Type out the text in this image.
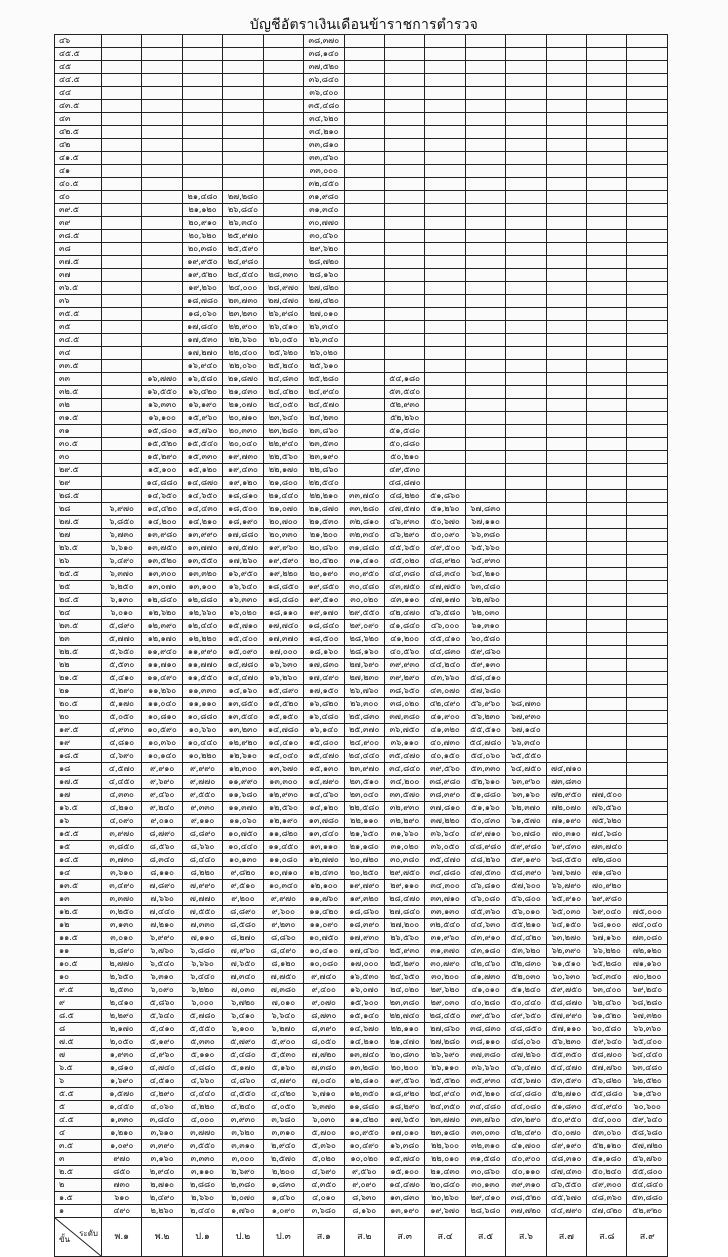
บัญชีอัตราเงินเดือนข้าราชการตำรวจ
๔๖						๓๘,๓๗๐								
๔๕.๕						๓๘,๑๔๐								
๔๕						๓๗,๕๒๐								
๔๔.๕						๓๖,๘๔๐								
๔๔						๓๖,๔๐๐								
๔๓.๕						๓๕,๔๘๐								
๔๓						๓๔,๖๒๐								
๔๒.๕						๓๔,๒๑๐								
๔๒						๓๓,๘๑๐								
๔๑.๕						๓๓,๔๖๐								
๔๑						๓๓,๐๐๐								
๔๐.๕						๓๒,๔๕๐								
๔๐			๒๑,๔๘๐	๒๗,๒๘๐		๓๑,๙๘๐								
๓๙.๕			๒๑,๑๒๐	๒๖,๘๔๐		๓๑,๓๔๐								
๓๙			๒๐,๙๑๐	๒๖,๓๔๐		๓๐,๗๗๐								
๓๘.๕			๒๐,๖๒๐	๒๕,๙๗๐		๓๐,๔๖๐								
๓๘			๒๐,๓๘๐	๒๕,๕๙๐		๒๙,๖๒๐								
๓๗.๕			๑๙,๙๕๐	๒๔,๙๘๐		๒๘,๗๒๐								
๓๗			๑๙,๕๒๐	๒๔,๕๔๐	๒๘,๓๓๐	๒๘,๑๖๐								
๓๖.๕			๑๙,๒๖๐	๒๔,๐๐๐	๒๘,๙๗๐	๒๗,๘๒๐								
๓๖			๑๘,๗๘๐	๒๓,๗๓๐	๒๗,๔๗๐	๒๗,๔๒๐								
๓๕.๕			๑๘,๐๖๐	๒๓,๒๓๐	๒๖,๙๘๐	๒๗,๐๑๐								
๓๕			๑๗,๘๔๐	๒๒,๙๐๐	๒๖,๔๑๐	๒๖,๓๔๐								
๓๔.๕			๑๗,๕๓๐	๒๒,๖๖๐	๒๖,๐๕๐	๒๖,๓๔๐								
๓๔			๑๗,๒๗๐	๒๒,๔๐๐	๒๕,๖๒๐	๒๖,๐๒๐								
๓๓.๕			๑๖,๙๔๐	๒๒,๐๖๐	๒๕,๒๔๐	๒๕,๖๑๐								
๓๓		๑๖,๗๗๐	๑๖,๕๘๐	๒๑,๘๗๐	๒๔,๘๓๐	๒๕,๒๘๐		๕๔,๑๘๐						
๓๒.๕		๑๖,๕๕๐	๑๖,๔๒๐	๒๑,๔๓๐	๒๔,๔๒๐	๒๔,๙๔๐		๕๓,๕๔๐						
๓๒		๑๖,๓๓๐	๑๖,๑๙๐	๒๑,๐๗๐	๒๔,๐๕๐	๒๔,๕๗๐		๕๒,๙๓๐						
๓๑.๕		๑๖,๑๐๐	๑๕,๙๖๐	๒๐,๗๑๐	๒๓,๖๔๐	๒๔,๒๓๐		๕๒,๒๖๐						
๓๑		๑๕,๘๐๐	๑๕,๗๖๐	๒๐,๓๓๐	๒๓,๒๘๐	๒๓,๘๖๐		๕๑,๕๘๐						
๓๐.๕		๑๕,๕๒๐	๑๕,๕๔๐	๒๐,๐๔๐	๒๒,๙๔๐	๒๓,๕๓๐		๕๐,๘๘๐						
๓๐		๑๕,๒๙๐	๑๕,๓๓๐	๑๙,๗๓๐	๒๒,๕๖๐	๒๓,๑๙๐		๕๐,๒๑๐						
๒๙.๕		๑๕,๑๐๐	๑๕,๑๒๐	๑๙,๔๓๐	๒๒,๑๗๐	๒๒,๘๖๐		๔๙,๕๓๐						
๒๙		๑๔,๘๘๐	๑๔,๘๗๐	๑๙,๑๒๐	๒๑,๘๐๐	๒๒,๕๔๐		๔๘,๘๗๐						
๒๘.๕		๑๔,๖๕๐	๑๔,๖๕๐	๑๘,๘๑๐	๒๑,๔๔๐	๒๒,๒๑๐	๓๓,๗๔๐	๔๘,๒๒๐	๕๑,๘๖๐					
๒๘	๖,๙๗๐	๑๔,๔๒๐	๑๔,๔๓๐	๑๘,๕๐๐	๒๑,๐๗๐	๒๑,๘๗๐	๓๓,๒๘๐	๔๗,๕๗๐	๕๑,๒๖๐	๖๗,๘๓๐				
๒๗.๕	๖,๘๕๐	๑๔,๒๐๐	๑๔,๒๑๐	๑๘,๑๙๐	๒๐,๗๐๐	๒๑,๕๓๐	๓๒,๘๑๐	๔๖,๙๓๐	๕๐,๖๗๐	๖๗,๑๑๐				
๒๗	๖,๗๓๐	๑๓,๙๘๐	๑๓,๙๙๐	๑๗,๘๘๐	๒๐,๓๓๐	๒๑,๒๐๐	๓๒,๓๔๐	๔๖,๒๙๐	๕๐,๐๙๐	๖๖,๓๘๐				
๒๖.๕	๖,๖๑๐	๑๓,๗๕๐	๑๓,๗๗๐	๑๗,๕๗๐	๑๙,๙๖๐	๒๐,๘๖๐	๓๑,๘๘๐	๔๕,๖๕๐	๔๙,๕๐๐	๖๕,๖๖๐				
๒๖	๖,๔๙๐	๑๓,๕๒๐	๑๓,๕๕๐	๑๗,๒๖๐	๑๙,๕๙๐	๒๐,๕๒๐	๓๑,๔๑๐	๔๕,๐๒๐	๔๘,๙๒๐	๖๔,๙๓๐				
๒๕.๕	๖,๓๗๐	๑๓,๓๐๐	๑๓,๓๒๐	๑๖,๙๕๐	๑๙,๒๒๐	๒๐,๑๙๐	๓๐,๙๕๐	๔๔,๓๘๐	๔๘,๓๔๐	๖๔,๒๑๐				
๒๕	๖,๒๕๐	๑๓,๐๗๐	๑๓,๑๐๐	๑๖,๖๔๐	๑๘,๘๕๐	๑๙,๘๕๐	๓๐,๔๘๐	๔๓,๗๕๐	๔๗,๗๕๐	๖๓,๔๘๐				
๒๔.๕	๖,๑๓๐	๑๒,๘๔๐	๑๒,๘๘๐	๑๖,๓๓๐	๑๘,๔๘๐	๑๙,๕๑๐	๓๐,๐๒๐	๔๓,๑๑๐	๔๗,๑๗๐	๖๒,๗๖๐				
๒๔	๖,๐๑๐	๑๒,๖๒๐	๑๒,๖๖๐	๑๖,๐๒๐	๑๘,๑๑๐	๑๙,๑๗๐	๒๙,๕๕๐	๔๒,๔๗๐	๔๖,๕๘๐	๖๒,๐๓๐				
๒๓.๕	๕,๘๙๐	๑๒,๓๙๐	๑๒,๔๔๐	๑๕,๗๑๐	๑๗,๗๔๐	๑๘,๘๔๐	๒๙,๐๙๐	๔๑,๘๔๐	๔๖,๐๐๐	๖๑,๓๑๐				
๒๓	๕,๗๗๐	๑๒,๑๗๐	๑๒,๒๒๐	๑๕,๔๐๐	๑๗,๓๗๐	๑๘,๕๐๐	๒๘,๖๒๐	๔๑,๒๐๐	๔๕,๔๑๐	๖๐,๕๘๐				
๒๒.๕	๕,๖๕๐	๑๑,๙๔๐	๑๑,๙๙๐	๑๕,๐๙๐	๑๗,๐๐๐	๑๘,๑๖๐	๒๘,๑๖๐	๔๐,๕๖๐	๔๔,๘๓๐	๕๙,๘๖๐				
๒๒	๕,๕๓๐	๑๑,๗๑๐	๑๑,๗๗๐	๑๔,๗๘๐	๑๖,๖๓๐	๑๗,๘๓๐	๒๗,๖๙๐	๓๙,๙๓๐	๔๔,๒๔๐	๕๙,๑๓๐				
๒๑.๕	๕,๔๑๐	๑๑,๔๙๐	๑๑,๕๕๐	๑๔,๔๗๐	๑๖,๒๖๐	๑๗,๔๙๐	๒๗,๒๓๐	๓๙,๒๙๐	๔๓,๖๖๐	๕๘,๔๑๐				
๒๑	๕,๒๙๐	๑๑,๒๖๐	๑๑,๓๓๐	๑๔,๑๖๐	๑๕,๘๙๐	๑๗,๑๕๐	๒๖,๗๖๐	๓๘,๖๕๐	๔๓,๐๗๐	๕๗,๖๘๐				
๒๐.๕	๕,๑๗๐	๑๑,๐๔๐	๑๑,๑๑๐	๑๓,๘๕๐	๑๕,๕๒๐	๑๖,๘๒๐	๒๖,๓๐๐	๓๘,๐๒๐	๔๒,๔๙๐	๕๖,๙๖๐	๖๘,๗๓๐			
๒๐	๕,๐๕๐	๑๐,๘๑๐	๑๐,๘๘๐	๑๓,๕๔๐	๑๕,๑๕๐	๑๖,๔๘๐	๒๕,๘๓๐	๓๗,๓๘๐	๔๑,๙๐๐	๕๖,๒๓๐	๖๗,๙๓๐			
๑๙.๕	๔,๙๓๐	๑๐,๕๙๐	๑๐,๖๖๐	๑๓,๒๓๐	๑๔,๗๘๐	๑๖,๑๔๐	๒๕,๓๗๐	๓๖,๗๕๐	๔๑,๓๒๐	๕๕,๕๑๐	๖๗,๑๔๐			
๑๙	๔,๘๑๐	๑๐,๓๖๐	๑๐,๔๔๐	๑๒,๙๒๐	๑๔,๔๑๐	๑๕,๘๐๐	๒๔,๙๐๐	๓๖,๑๑๐	๔๐,๗๓๐	๕๔,๗๘๐	๖๖,๓๔๐			
๑๘.๕	๔,๖๙๐	๑๐,๑๔๐	๑๐,๒๒๐	๑๒,๖๑๐	๑๔,๐๔๐	๑๕,๔๗๐	๒๔,๔๔๐	๓๕,๔๗๐	๔๐,๑๕๐	๕๔,๐๖๐	๖๕,๕๕๐			
๑๘	๔,๕๗๐	๙,๙๑๐	๙,๙๙๐	๑๒,๓๐๐	๑๓,๖๗๐	๑๕,๑๓๐	๒๓,๙๗๐	๓๔,๘๔๐	๓๙,๕๖๐	๕๓,๓๓๐	๖๔,๗๕๐	๗๔,๗๑๐		
๑๗.๕	๔,๔๕๐	๙,๖๙๐	๙,๗๗๐	๑๑,๙๙๐	๑๓,๓๐๐	๑๔,๗๙๐	๒๓,๕๑๐	๓๔,๒๐๐	๓๘,๙๘๐	๕๒,๖๑๐	๖๓,๙๖๐	๗๓,๘๓๐		
๑๗	๔,๓๓๐	๙,๔๖๐	๙,๕๕๐	๑๑,๖๘๐	๑๒,๙๓๐	๑๔,๔๖๐	๒๓,๐๔๐	๓๓,๕๗๐	๓๘,๓๙๐	๕๑,๘๘๐	๖๓,๑๖๐	๗๒,๙๕๐	๗๗,๕๐๐	
๑๖.๕	๔,๒๑๐	๙,๒๔๐	๙,๓๓๐	๑๑,๓๗๐	๑๒,๕๖๐	๑๔,๑๒๐	๒๒,๕๘๐	๓๒,๙๓๐	๓๗,๘๑๐	๕๑,๑๖๐	๖๒,๓๗๐	๗๒,๐๗๐	๗๖,๕๖๐	
๑๖	๔,๐๙๐	๙,๐๑๐	๙,๑๑๐	๑๑,๐๖๐	๑๒,๑๙๐	๑๓,๗๘๐	๒๒,๑๑๐	๓๒,๒๙๐	๓๗,๒๒๐	๕๐,๔๓๐	๖๑,๕๗๐	๗๑,๑๙๐	๗๕,๖๒๐	
๑๕.๕	๓,๙๗๐	๘,๗๙๐	๘,๘๙๐	๑๐,๗๕๐	๑๑,๘๒๐	๑๓,๔๔๐	๒๑,๖๕๐	๓๑,๖๖๐	๓๖,๖๔๐	๔๙,๗๑๐	๖๐,๗๘๐	๗๐,๓๑๐	๗๔,๖๘๐	
๑๕	๓,๘๕๐	๘,๕๖๐	๘,๖๖๐	๑๐,๔๔๐	๑๑,๔๕๐	๑๓,๑๑๐	๒๑,๑๘๐	๓๑,๐๒๐	๓๖,๐๕๐	๔๘,๙๘๐	๕๙,๙๘๐	๖๙,๔๓๐	๗๓,๗๔๐	
๑๔.๕	๓,๗๓๐	๘,๓๔๐	๘,๔๔๐	๑๐,๑๓๐	๑๑,๐๘๐	๑๒,๗๗๐	๒๐,๗๒๐	๓๐,๓๘๐	๓๕,๔๗๐	๔๘,๒๖๐	๕๙,๑๙๐	๖๘,๕๕๐	๗๒,๘๐๐	
๑๔	๓,๖๑๐	๘,๑๑๐	๘,๒๒๐	๙,๘๒๐	๑๐,๗๑๐	๑๒,๔๓๐	๒๐,๒๕๐	๒๙,๗๕๐	๓๔,๘๘๐	๔๗,๕๓๐	๕๘,๓๙๐	๖๗,๖๗๐	๗๑,๘๖๐	
๑๓.๕	๓,๔๙๐	๗,๘๙๐	๗,๙๙๐	๙,๕๑๐	๑๐,๓๔๐	๑๒,๑๐๐	๑๙,๗๙๐	๒๙,๑๑๐	๓๔,๓๐๐	๔๖,๘๑๐	๕๗,๖๐๐	๖๖,๗๙๐	๗๐,๙๒๐	
๑๓	๓,๓๗๐	๗,๖๖๐	๗,๗๗๐	๙,๒๐๐	๙,๙๗๐	๑๑,๗๖๐	๑๙,๓๒๐	๒๘,๔๗๐	๓๓,๗๑๐	๔๖,๐๘๐	๕๖,๘๐๐	๖๕,๙๑๐	๖๙,๙๘๐	
๑๒.๕	๓,๒๕๐	๗,๔๔๐	๗,๕๕๐	๘,๘๙๐	๙,๖๐๐	๑๑,๔๒๐	๑๘,๘๖๐	๒๗,๘๔๐	๓๓,๑๓๐	๔๕,๓๖๐	๕๖,๐๑๐	๖๕,๐๓๐	๖๙,๐๔๐	๗๕,๐๐๐
๑๒	๓,๑๓๐	๗,๒๑๐	๗,๓๓๐	๘,๕๘๐	๙,๒๓๐	๑๑,๐๙๐	๑๘,๓๙๐	๒๗,๒๐๐	๓๒,๕๔๐	๔๔,๖๓๐	๕๕,๒๑๐	๖๔,๑๕๐	๖๘,๑๐๐	๗๔,๐๔๐
๑๑.๕	๓,๐๑๐	๖,๙๙๐	๗,๑๑๐	๘,๒๗๐	๘,๘๖๐	๑๐,๗๕๐	๑๗,๙๓๐	๒๖,๕๖๐	๓๑,๙๖๐	๔๓,๙๑๐	๕๔,๔๒๐	๖๓,๒๗๐	๖๗,๑๖๐	๗๓,๐๘๐
๑๑	๒,๘๙๐	๖,๗๖๐	๖,๘๘๐	๗,๙๖๐	๘,๔๙๐	๑๐,๔๑๐	๑๗,๔๖๐	๒๕,๙๓๐	๓๑,๓๗๐	๔๓,๑๘๐	๕๓,๖๒๐	๖๒,๓๙๐	๖๖,๒๒๐	๗๒,๑๒๐
๑๐.๕	๒,๗๗๐	๖,๕๔๐	๖,๖๖๐	๗,๖๕๐	๘,๑๒๐	๑๐,๐๘๐	๑๗,๐๐๐	๒๕,๒๙๐	๓๐,๗๙๐	๔๒,๔๖๐	๕๒,๘๓๐	๖๑,๕๑๐	๖๕,๒๘๐	๗๑,๑๖๐
๑๐	๒,๖๕๐	๖,๓๑๐	๖,๔๔๐	๗,๓๔๐	๗,๗๕๐	๙,๗๔๐	๑๖,๕๓๐	๒๔,๖๕๐	๓๐,๒๐๐	๔๑,๗๓๐	๕๒,๐๓๐	๖๐,๖๓๐	๖๔,๓๔๐	๗๐,๒๐๐
๙.๕	๒,๕๓๐	๖,๐๙๐	๖,๒๒๐	๗,๐๓๐	๗,๓๘๐	๙,๔๐๐	๑๖,๐๗๐	๒๔,๐๒๐	๒๙,๖๒๐	๔๑,๐๑๐	๕๑,๒๔๐	๕๙,๗๕๐	๖๓,๔๐๐	๖๙,๒๔๐
๙	๒,๔๑๐	๕,๘๖๐	๖,๐๐๐	๖,๗๒๐	๗,๐๑๐	๙,๐๗๐	๑๕,๖๐๐	๒๓,๓๘๐	๒๙,๐๓๐	๔๐,๒๘๐	๕๐,๔๔๐	๕๘,๘๗๐	๖๒,๔๖๐	๖๘,๒๘๐
๘.๕	๒,๒๙๐	๕,๖๔๐	๕,๗๘๐	๖,๔๑๐	๖,๖๔๐	๘,๗๓๐	๑๕,๑๔๐	๒๒,๗๔๐	๒๘,๔๕๐	๓๙,๕๖๐	๔๙,๖๕๐	๕๗,๙๙๐	๖๑,๕๒๐	๖๗,๓๒๐
๘	๒,๑๗๐	๕,๔๑๐	๕,๕๕๐	๖,๑๐๐	๖,๒๗๐	๘,๓๙๐	๑๔,๖๗๐	๒๒,๑๑๐	๒๗,๘๖๐	๓๘,๘๓๐	๔๘,๘๕๐	๕๗,๑๑๐	๖๐,๕๘๐	๖๖,๓๖๐
๗.๕	๒,๐๕๐	๕,๑๙๐	๕,๓๓๐	๕,๗๙๐	๕,๙๐๐	๘,๐๕๐	๑๔,๒๑๐	๒๑,๔๗๐	๒๗,๒๘๐	๓๘,๑๑๐	๔๘,๐๖๐	๕๖,๒๓๐	๕๙,๖๔๐	๖๕,๔๐๐
๗	๑,๙๓๐	๔,๙๖๐	๕,๑๑๐	๕,๔๘๐	๕,๕๓๐	๗,๗๒๐	๑๓,๗๔๐	๒๐,๘๓๐	๒๖,๖๙๐	๓๗,๓๘๐	๔๗,๒๖๐	๕๕,๓๕๐	๕๘,๗๐๐	๖๔,๔๔๐
๖.๕	๑,๘๑๐	๔,๗๔๐	๔,๘๘๐	๕,๑๗๐	๕,๑๖๐	๗,๓๘๐	๑๓,๒๘๐	๒๐,๒๐๐	๒๖,๑๑๐	๓๖,๖๖๐	๔๖,๔๗๐	๕๔,๔๗๐	๕๗,๗๖๐	๖๓,๔๘๐
๖	๑,๖๙๐	๔,๕๑๐	๔,๖๖๐	๔,๘๖๐	๔,๗๙๐	๗,๐๔๐	๑๒,๘๑๐	๑๙,๕๖๐	๒๕,๕๒๐	๓๕,๙๓๐	๔๕,๖๗๐	๕๓,๕๙๐	๕๖,๘๒๐	๖๒,๕๒๐
๕.๕	๑,๕๗๐	๔,๒๙๐	๔,๔๔๐	๔,๕๕๐	๔,๔๒๐	๖,๗๑๐	๑๒,๓๕๐	๑๘,๙๒๐	๒๔,๙๔๐	๓๕,๒๑๐	๔๔,๘๘๐	๕๒,๗๑๐	๕๕,๘๘๐	๖๑,๕๖๐
๕	๑,๔๕๐	๔,๐๖๐	๔,๒๒๐	๔,๒๔๐	๔,๐๕๐	๖,๓๗๐	๑๑,๘๘๐	๑๘,๒๙๐	๒๔,๓๕๐	๓๔,๔๘๐	๔๔,๐๘๐	๕๑,๘๓๐	๕๔,๙๔๐	๖๐,๖๐๐
๔.๕	๑,๓๓๐	๓,๘๔๐	๔,๐๐๐	๓,๙๓๐	๓,๖๘๐	๖,๐๓๐	๑๑,๔๒๐	๑๗,๖๕๐	๒๓,๗๗๐	๓๓,๗๖๐	๔๓,๒๙๐	๕๐,๙๕๐	๕๔,๐๐๐	๕๙,๖๔๐
๔	๑,๒๑๐	๓,๖๑๐	๓,๗๗๐	๓,๖๒๐	๓,๓๑๐	๕,๗๐๐	๑๐,๙๕๐	๑๗,๐๑๐	๒๓,๑๘๐	๓๓,๐๓๐	๔๒,๔๙๐	๕๐,๐๗๐	๕๓,๐๖๐	๕๘,๖๘๐
๓.๕	๑,๐๙๐	๓,๓๙๐	๓,๕๕๐	๓,๓๑๐	๒,๙๔๐	๕,๓๖๐	๑๐,๔๙๐	๑๖,๓๘๐	๒๒,๖๐๐	๓๒,๓๑๐	๔๑,๗๐๐	๔๙,๑๙๐	๕๒,๑๒๐	๕๗,๗๒๐
๓	๙๗๐	๓,๑๖๐	๓,๓๓๐	๓,๐๐๐	๒,๕๗๐	๕,๐๒๐	๑๐,๐๒๐	๑๕,๗๔๐	๒๒,๐๑๐	๓๑,๕๘๐	๔๐,๙๐๐	๔๘,๓๑๐	๕๑,๑๘๐	๕๖,๗๖๐
๒.๕	๘๕๐	๒,๙๔๐	๓,๑๑๐	๒,๖๙๐	๒,๒๐๐	๔,๖๙๐	๙,๕๖๐	๑๕,๑๐๐	๒๑,๔๓๐	๓๐,๘๖๐	๔๐,๑๑๐	๔๗,๔๓๐	๕๐,๒๔๐	๕๕,๘๐๐
๒	๗๓๐	๒,๗๑๐	๒,๘๘๐	๒,๓๘๐	๑,๘๓๐	๔,๓๕๐	๙,๐๙๐	๑๔,๔๗๐	๒๐,๘๔๐	๓๐,๑๓๐	๓๙,๓๑๐	๔๖,๕๕๐	๔๙,๓๐๐	๕๔,๘๔๐
๑.๕	๖๑๐	๒,๔๙๐	๒,๖๖๐	๒,๐๗๐	๑,๔๖๐	๔,๐๑๐	๘,๖๓๐	๑๓,๘๓๐	๒๐,๒๖๐	๒๙,๔๑๐	๓๘,๕๒๐	๔๕,๖๗๐	๔๘,๓๖๐	๕๓,๘๘๐
๑	๔๙๐	๒,๒๖๐	๒,๔๔๐	๑,๗๖๐	๑,๐๙๐	๓,๖๘๐	๘,๑๖๐	๑๓,๑๙๐	๑๙,๖๗๐	๒๘,๖๘๐	๓๗,๗๒๐	๔๔,๗๙๐	๔๗,๔๒๐	๕๒,๙๒๐

ขั้น
ระดับ	พ.๑	พ.๒	ป.๑	ป.๒	ป.๓	ส.๑	ส.๒	ส.๓	ส.๔	ส.๕	ส.๖	ส.๗	ส.๘	ส.๙
